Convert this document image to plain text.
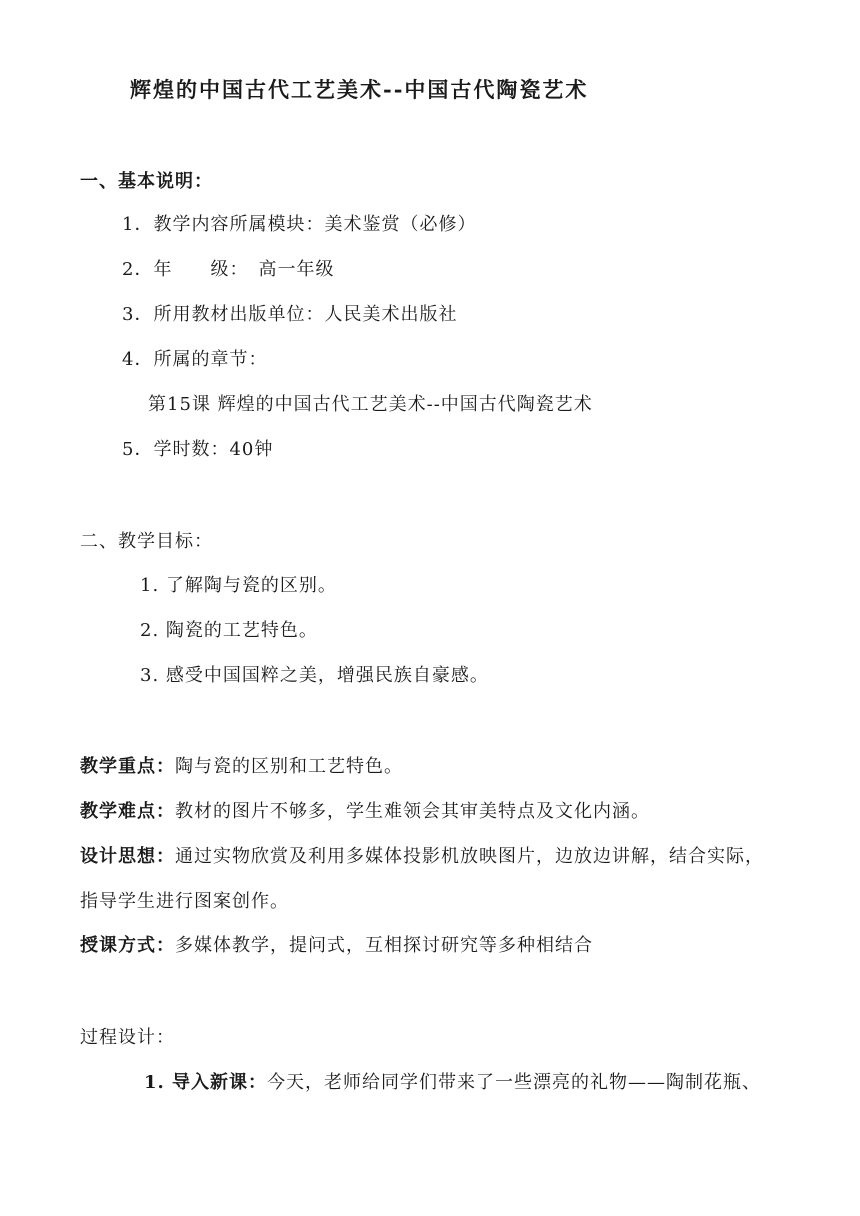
辉煌的中国古代工艺美术--中国古代陶瓷艺术
一、基本说明：
1．教学内容所属模块：美术鉴赏（必修）
2．年　　级：　高一年级
3．所用教材出版单位：人民美术出版社
4．所属的章节：
第15课 辉煌的中国古代工艺美术--中国古代陶瓷艺术
5．学时数：40钟
二、教学目标：
1. 了解陶与瓷的区别。
2. 陶瓷的工艺特色。
3. 感受中国国粹之美，增强民族自豪感。
教学重点：陶与瓷的区别和工艺特色。
教学难点：教材的图片不够多，学生难领会其审美特点及文化内涵。
设计思想：通过实物欣赏及利用多媒体投影机放映图片，边放边讲解，结合实际，
指导学生进行图案创作。
授课方式：多媒体教学，提问式，互相探讨研究等多种相结合
过程设计：
1. 导入新课：今天，老师给同学们带来了一些漂亮的礼物——陶制花瓶、
